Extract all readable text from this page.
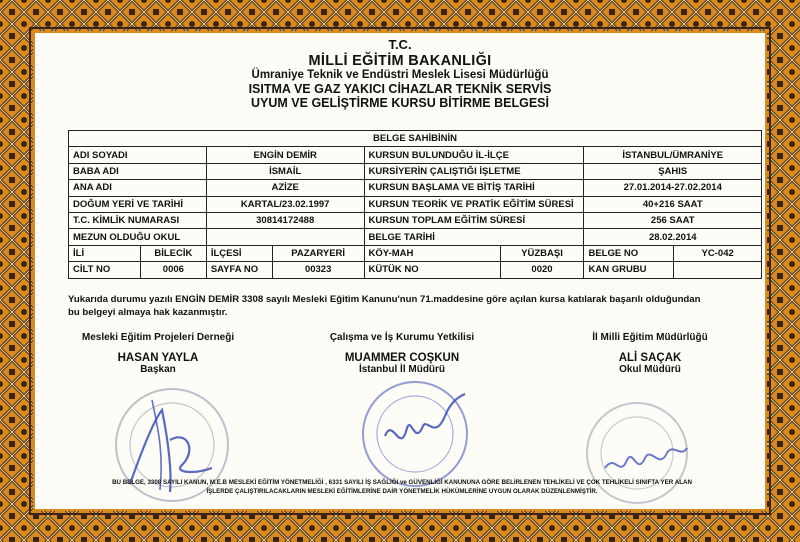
T.C.
MİLLİ EĞİTİM BAKANLIĞI
Ümraniye Teknik ve Endüstri Meslek Lisesi Müdürlüğü
ISITMA VE GAZ YAKICI CİHAZLAR TEKNİK SERVİS
UYUM VE GELİŞTİRME KURSU BİTİRME BELGESİ
BELGE SAHİBİNİN							
ADI SOYADI		ENGİN DEMİR		KURSUN BULUNDUĞU İL-İLÇE		İSTANBUL/ÜMRANİYE	
BABA ADI		İSMAİL		KURSİYERİN ÇALIŞTIĞI İŞLETME		ŞAHIS	
ANA ADI		AZİZE		KURSUN BAŞLAMA VE BİTİŞ TARİHİ		27.01.2014-27.02.2014	
DOĞUM YERİ VE TARİHİ		KARTAL/23.02.1997		KURSUN TEORİK VE PRATİK EĞİTİM SÜRESİ		40+216 SAAT	
T.C. KİMLİK NUMARASI		30814172488		KURSUN TOPLAM EĞİTİM SÜRESİ		256 SAAT	
MEZUN OLDUĞU OKUL				BELGE TARİHİ		28.02.2014	
İLİ	BİLECİK	İLÇESİ	PAZARYERİ	KÖY-MAH	YÜZBAŞI	BELGE NO	YC-042
CİLT NO	0006	SAYFA NO	00323	KÜTÜK NO	0020	KAN GRUBU	
Yukarıda durumu yazılı ENGİN DEMİR 3308 sayılı Mesleki Eğitim Kanunu'nun 71.maddesine göre açılan kursa katılarak başarılı olduğundan
bu belgeyi almaya hak kazanmıştır.
Mesleki Eğitim Projeleri Derneği
HASAN YAYLA
Başkan
Çalışma ve İş Kurumu Yetkilisi
MUAMMER COŞKUN
İstanbul İl Müdürü
İl Milli Eğitim Müdürlüğü
ALİ SAÇAK
Okul Müdürü
BU BELGE, 3308 SAYILI KANUN, M.E.B MESLEKİ EĞİTİM YÖNETMELİĞİ , 6331 SAYILI İŞ SAĞLIĞI ve GÜVENLİĞİ KANUNUNA GÖRE BELİRLENEN TEHLİKELİ VE ÇOK TEHLİKELİ SINIFTA YER ALAN
İŞLERDE ÇALIŞTIRILACAKLARIN MESLEKİ EĞİTİMLERİNE DAİR YÖNETMELİK HÜKÜMLERİNE UYGUN OLARAK DÜZENLENMİŞTİR.
